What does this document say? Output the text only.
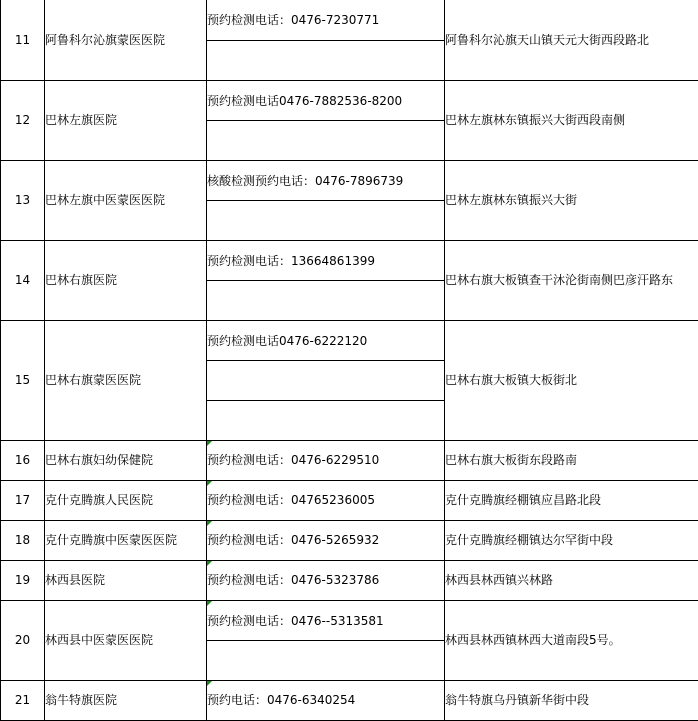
11	阿鲁科尔沁旗蒙医医院	预约检测电话：0476-7230771	阿鲁科尔沁旗天山镇天元大街西段路北

12	巴林左旗医院	预约检测电话0476-7882536-8200	巴林左旗林东镇振兴大街西段南侧

13	巴林左旗中医蒙医医院	核酸检测预约电话：0476-7896739	巴林左旗林东镇振兴大街

14	巴林右旗医院	预约检测电话：13664861399	巴林右旗大板镇查干沐沦街南侧巴彦汗路东

15	巴林右旗蒙医医院	预约检测电话0476-6222120	巴林右旗大板镇大板街北

16	巴林右旗妇幼保健院	预约检测电话：0476-6229510	巴林右旗大板街东段路南
17	克什克腾旗人民医院	预约检测电话：04765236005	克什克腾旗经棚镇应昌路北段
18	克什克腾旗中医蒙医医院	预约检测电话：0476-5265932	克什克腾旗经棚镇达尔罕街中段
19	林西县医院	预约检测电话：0476-5323786	林西县林西镇兴林路
20	林西县中医蒙医医院	预约检测电话：0476--5313581	林西县林西镇林西大道南段5号。

21	翁牛特旗医院	预约电话：0476-6340254	翁牛特旗乌丹镇新华街中段
